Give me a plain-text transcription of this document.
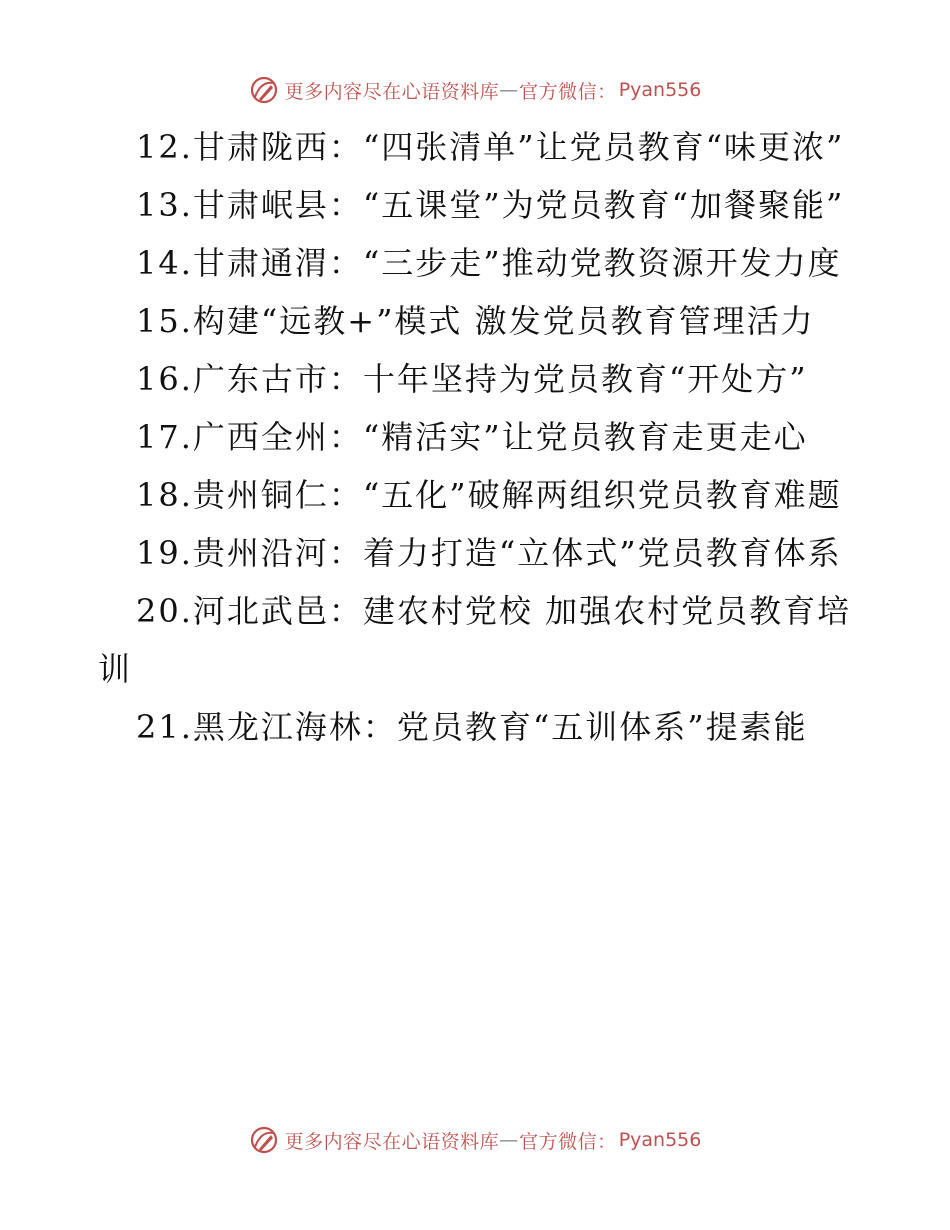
更多内容尽在心语资料库 — 官方微信： Pyan556

12.甘肃陇西：“四张清单”让党员教育“味更浓”

13.甘肃岷县：“五课堂”为党员教育“加餐聚能”

14.甘肃通渭：“三步走”推动党教资源开发力度

15.构建“远教+”模式 激发党员教育管理活力

16.广东古市：十年坚持为党员教育“开处方”

17.广西全州：“精活实”让党员教育走更走心

18.贵州铜仁：“五化”破解两组织党员教育难题

19.贵州沿河：着力打造“立体式”党员教育体系

20.河北武邑：建农村党校 加强农村党员教育培训

21.黑龙江海林：党员教育“五训体系”提素能

更多内容尽在心语资料库 — 官方微信： Pyan556
